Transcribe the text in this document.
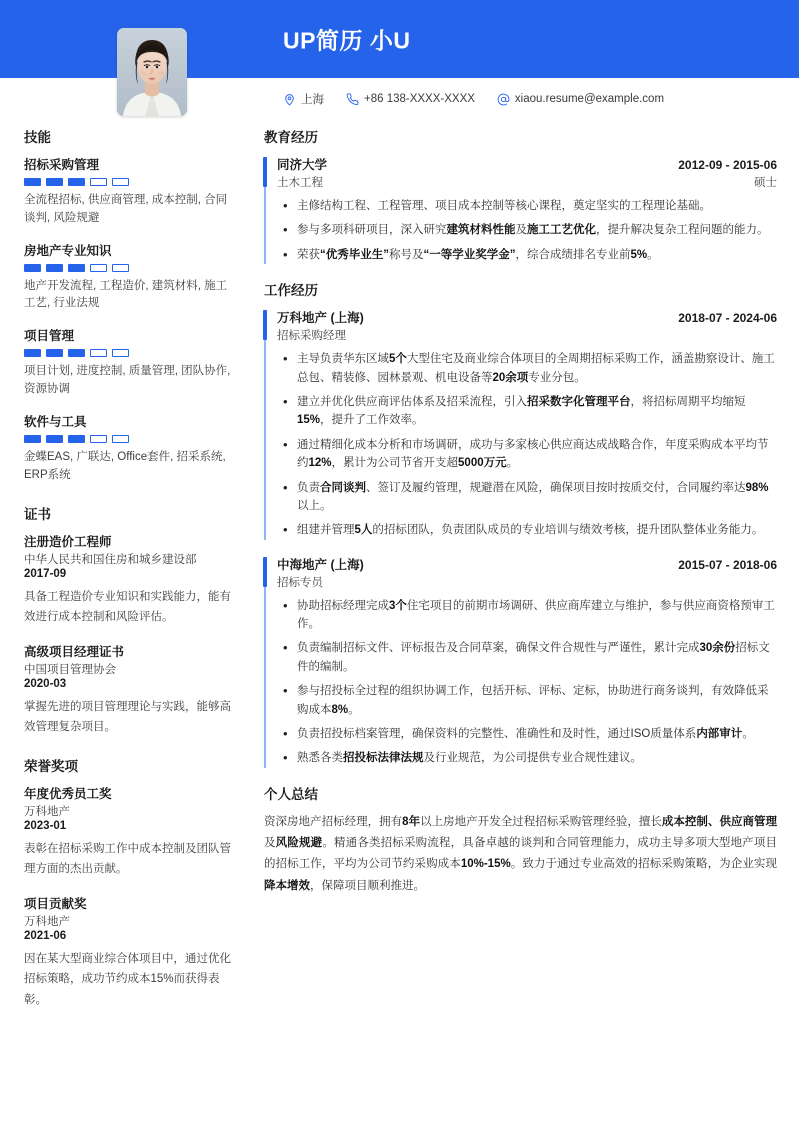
UP简历 小U
上海	+86 138-XXXX-XXXX	xiaou.resume@example.com
技能
招标采购管理
全流程招标, 供应商管理, 成本控制, 合同谈判, 风险规避
房地产专业知识
地产开发流程, 工程造价, 建筑材料, 施工工艺, 行业法规
项目管理
项目计划, 进度控制, 质量管理, 团队协作, 资源协调
软件与工具
金蝶EAS, 广联达, Office套件, 招采系统, ERP系统
证书
注册造价工程师
中华人民共和国住房和城乡建设部
2017-09
具备工程造价专业知识和实践能力，能有效进行成本控制和风险评估。
高级项目经理证书
中国项目管理协会
2020-03
掌握先进的项目管理理论与实践，能够高效管理复杂项目。
荣誉奖项
年度优秀员工奖
万科地产
2023-01
表彰在招标采购工作中成本控制及团队管理方面的杰出贡献。
项目贡献奖
万科地产
2021-06
因在某大型商业综合体项目中，通过优化招标策略，成功节约成本15%而获得表彰。
教育经历
同济大学	2012-09 - 2015-06
土木工程	硕士
• 主修结构工程、工程管理、项目成本控制等核心课程，奠定坚实的工程理论基础。
• 参与多项科研项目，深入研究建筑材料性能及施工工艺优化，提升解决复杂工程问题的能力。
• 荣获“优秀毕业生”称号及“一等学业奖学金”，综合成绩排名专业前5%。
工作经历
万科地产 (上海)	2018-07 - 2024-06
招标采购经理
• 主导负责华东区域5个大型住宅及商业综合体项目的全周期招标采购工作，涵盖勘察设计、施工总包、精装修、园林景观、机电设备等20余项专业分包。
• 建立并优化供应商评估体系及招采流程，引入招采数字化管理平台，将招标周期平均缩短15%，提升了工作效率。
• 通过精细化成本分析和市场调研，成功与多家核心供应商达成战略合作，年度采购成本平均节约12%，累计为公司节省开支超5000万元。
• 负责合同谈判、签订及履约管理，规避潜在风险，确保项目按时按质交付，合同履约率达98%以上。
• 组建并管理5人的招标团队，负责团队成员的专业培训与绩效考核，提升团队整体业务能力。
中海地产 (上海)	2015-07 - 2018-06
招标专员
• 协助招标经理完成3个住宅项目的前期市场调研、供应商库建立与维护，参与供应商资格预审工作。
• 负责编制招标文件、评标报告及合同草案，确保文件合规性与严谨性，累计完成30余份招标文件的编制。
• 参与招投标全过程的组织协调工作，包括开标、评标、定标，协助进行商务谈判，有效降低采购成本8%。
• 负责招投标档案管理，确保资料的完整性、准确性和及时性，通过ISO质量体系内部审计。
• 熟悉各类招投标法律法规及行业规范，为公司提供专业合规性建议。
个人总结

资深房地产招标经理，拥有8年以上房地产开发全过程招标采购管理经验，擅长成本控制、供应商管理及风险规避。精通各类招标采购流程，具备卓越的谈判和合同管理能力，成功主导多项大型地产项目的招标工作，平均为公司节约采购成本10%-15%。致力于通过专业高效的招标采购策略，为企业实现降本增效，保障项目顺利推进。
